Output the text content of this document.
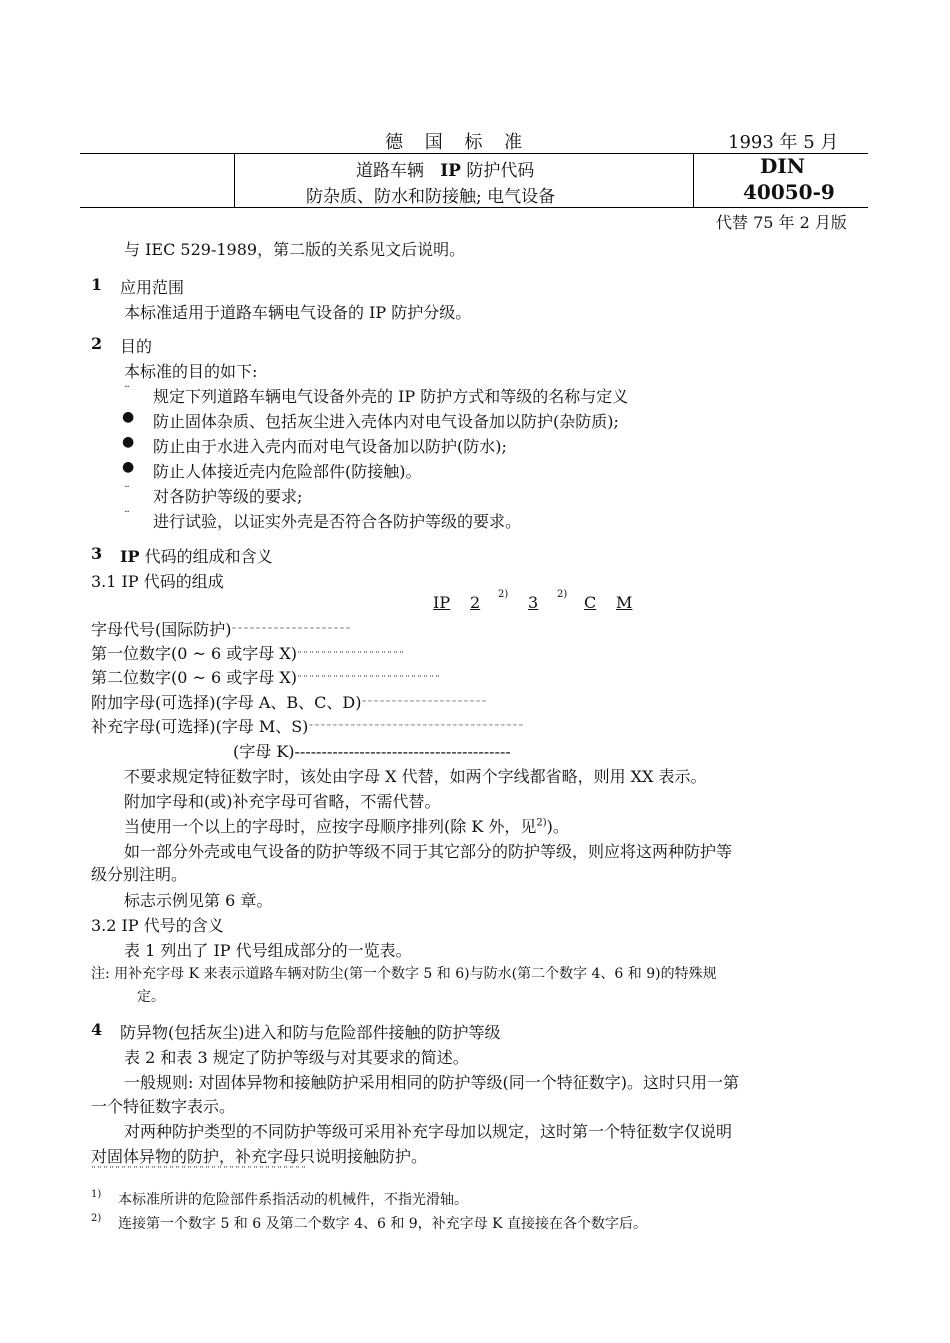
德 国 标 准	1993 年 5 月
道路车辆 IP 防护代码
防杂质、防水和防接触; 电气设备
DIN
40050-9
代替 75 年 2 月版
与 IEC 529-1989，第二版的关系见文后说明。
1 应用范围
本标准适用于道路车辆电气设备的 IP 防护分级。
2 目的
本标准的目的如下:
¨ 规定下列道路车辆电气设备外壳的 IP 防护方式和等级的名称与定义
● 防止固体杂质、包括灰尘进入壳体内对电气设备加以防护(杂防质);
● 防止由于水进入壳内而对电气设备加以防护(防水);
● 防止人体接近壳内危险部件(防接触)。
¨ 对各防护等级的要求;
¨ 进行试验，以证实外壳是否符合各防护等级的要求。
3 IP 代码的组成和含义
3.1 IP 代码的组成
IP 2 2) 3 2) C M
字母代号(国际防护)¨¨¨¨¨¨¨¨¨¨¨¨¨¨¨¨¨¨¨¨
第一位数字(0 ~ 6 或字母 X)¨¨¨¨¨¨¨¨¨¨¨¨¨¨¨¨¨¨
第二位数字(0 ~ 6 或字母 X)¨¨¨¨¨¨¨¨¨¨¨¨¨¨¨¨¨¨¨¨¨¨¨¨
附加字母(可选择)(字母 A、B、C、D)¨¨¨¨¨¨¨¨¨¨¨¨¨¨¨¨¨¨¨¨¨
补充字母(可选择)(字母 M、S)¨¨¨¨¨¨¨¨¨¨¨¨¨¨¨¨¨¨¨¨¨¨¨¨¨¨¨¨¨¨¨¨¨¨¨¨
(字母 K)----------------------------------------
不要求规定特征数字时，该处由字母 X 代替，如两个字线都省略，则用 XX 表示。
附加字母和(或)补充字母可省略，不需代替。
当使用一个以上的字母时，应按字母顺序排列(除 K 外，见$^{2)}$)。
如一部分外壳或电气设备的防护等级不同于其它部分的防护等级，则应将这两种防护等
级分别注明。
标志示例见第 6 章。
3.2 IP 代号的含义
表 1 列出了 IP 代号组成部分的一览表。
注: 用补充字母 K 来表示道路车辆对防尘(第一个数字 5 和 6)与防水(第二个数字 4、6 和 9)的特殊规
定。
4 防异物(包括灰尘)进入和防与危险部件接触的防护等级
表 2 和表 3 规定了防护等级与对其要求的简述。
一般规则: 对固体异物和接触防护采用相同的防护等级(同一个特征数字)。这时只用一第
一个特征数字表示。
对两种防护类型的不同防护等级可采用补充字母加以规定，这时第一个特征数字仅说明
对固体异物的防护，补充字母只说明接触防护。
¨¨¨¨¨¨¨¨¨¨¨¨¨¨¨¨¨¨¨¨¨¨¨¨¨¨¨¨¨¨¨¨¨¨¨¨
1) 本标准所讲的危险部件系指活动的机械件，不指光滑轴。
2) 连接第一个数字 5 和 6 及第二个数字 4、6 和 9，补充字母 K 直接接在各个数字后。
